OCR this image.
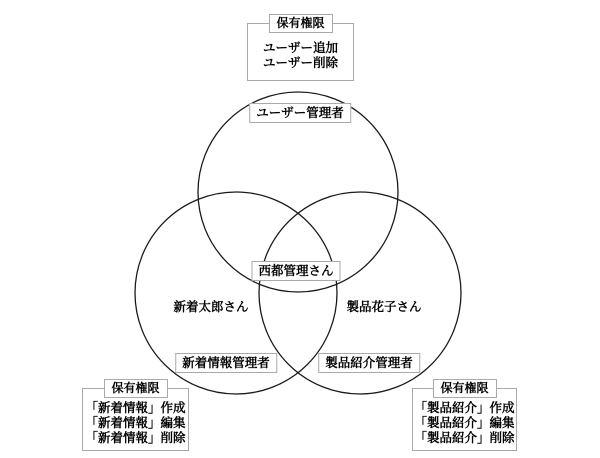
保有権限
ユーザー追加
ユーザー削除
ユーザー管理者
西都管理さん
新着情報管理者	製品紹介管理者
新着太郎さん	製品花子さん
保有権限
「新着情報」作成
「新着情報」編集
「新着情報」削除
保有権限
「製品紹介」作成
「製品紹介」編集
「製品紹介」削除
